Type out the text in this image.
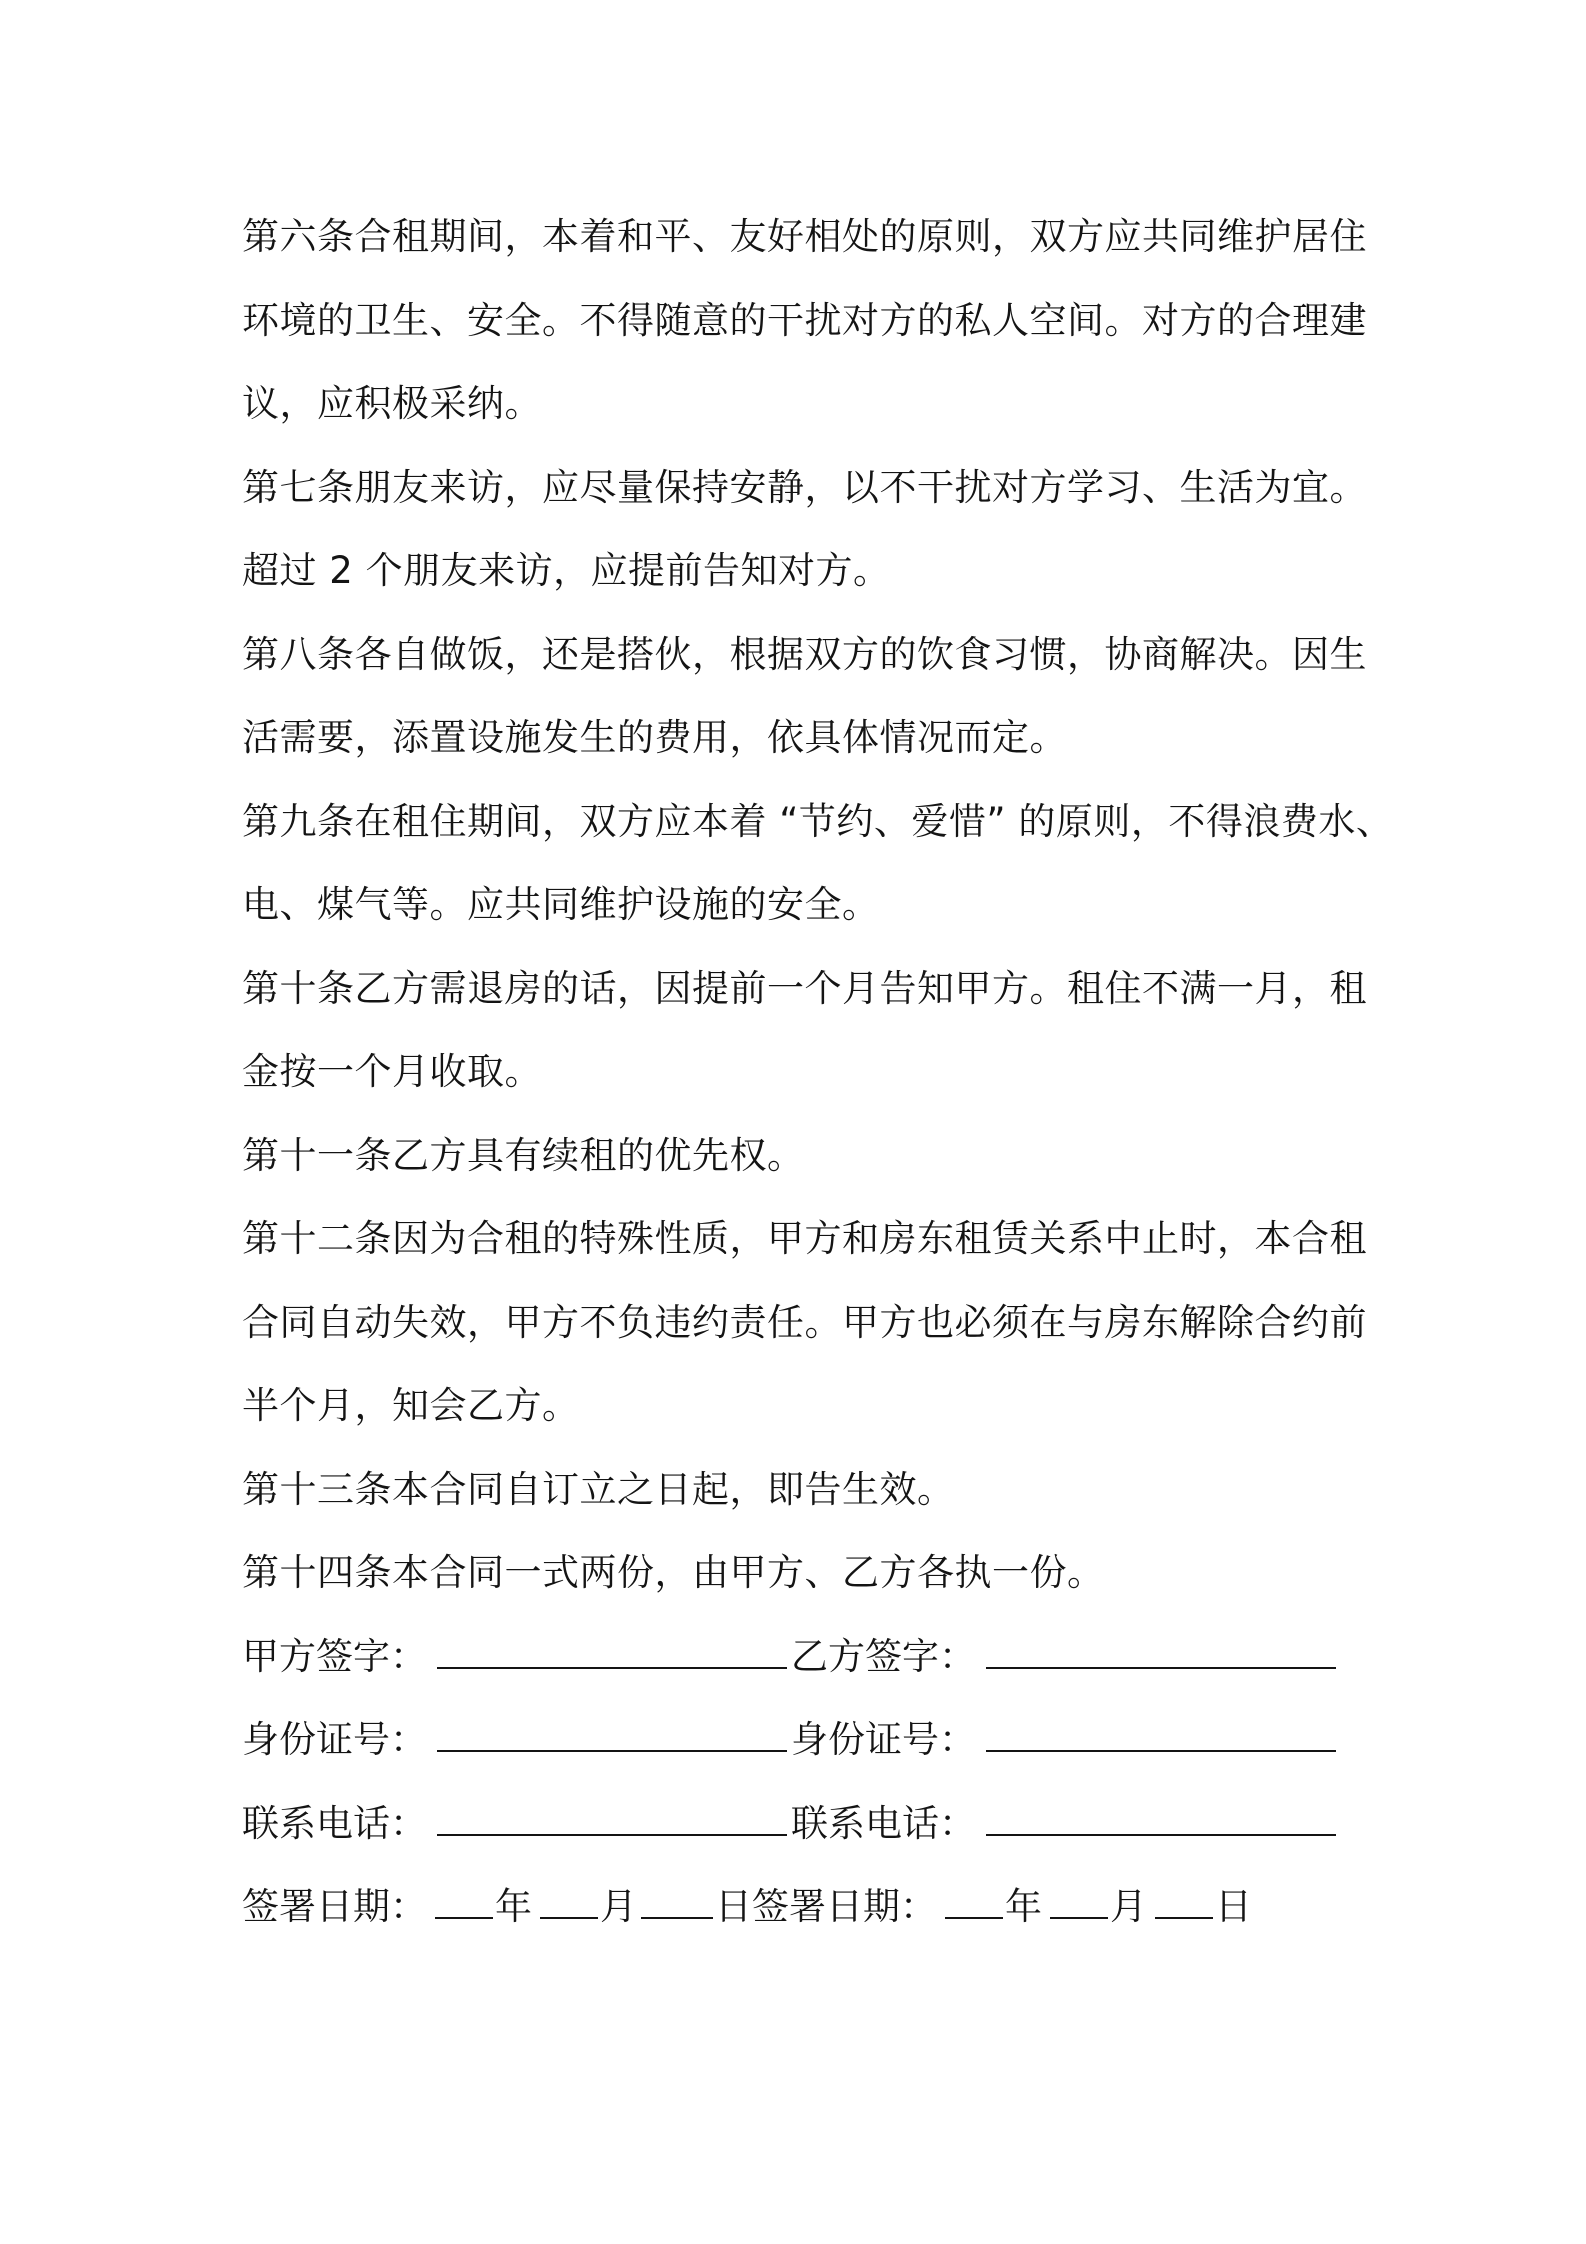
第六条合租期间，本着和平、友好相处的原则，双方应共同维护居住
环境的卫生、安全。不得随意的干扰对方的私人空间。对方的合理建
议，应积极采纳。
第七条朋友来访，应尽量保持安静，以不干扰对方学习、生活为宜。
超过 2 个朋友来访，应提前告知对方。
第八条各自做饭，还是搭伙，根据双方的饮食习惯，协商解决。因生
活需要，添置设施发生的费用，依具体情况而定。
第九条在租住期间，双方应本着 “节约、爱惜” 的原则，不得浪费水、
电、煤气等。应共同维护设施的安全。
第十条乙方需退房的话，因提前一个月告知甲方。租住不满一月，租
金按一个月收取。
第十一条乙方具有续租的优先权。
第十二条因为合租的特殊性质，甲方和房东租赁关系中止时，本合租
合同自动失效，甲方不负违约责任。甲方也必须在与房东解除合约前
半个月，知会乙方。
第十三条本合同自订立之日起，即告生效。
第十四条本合同一式两份，由甲方、乙方各执一份。
甲方签字：	乙方签字：
身份证号：	身份证号：
联系电话：	联系电话：
签署日期： 年 月 日 签署日期： 年 月 日
